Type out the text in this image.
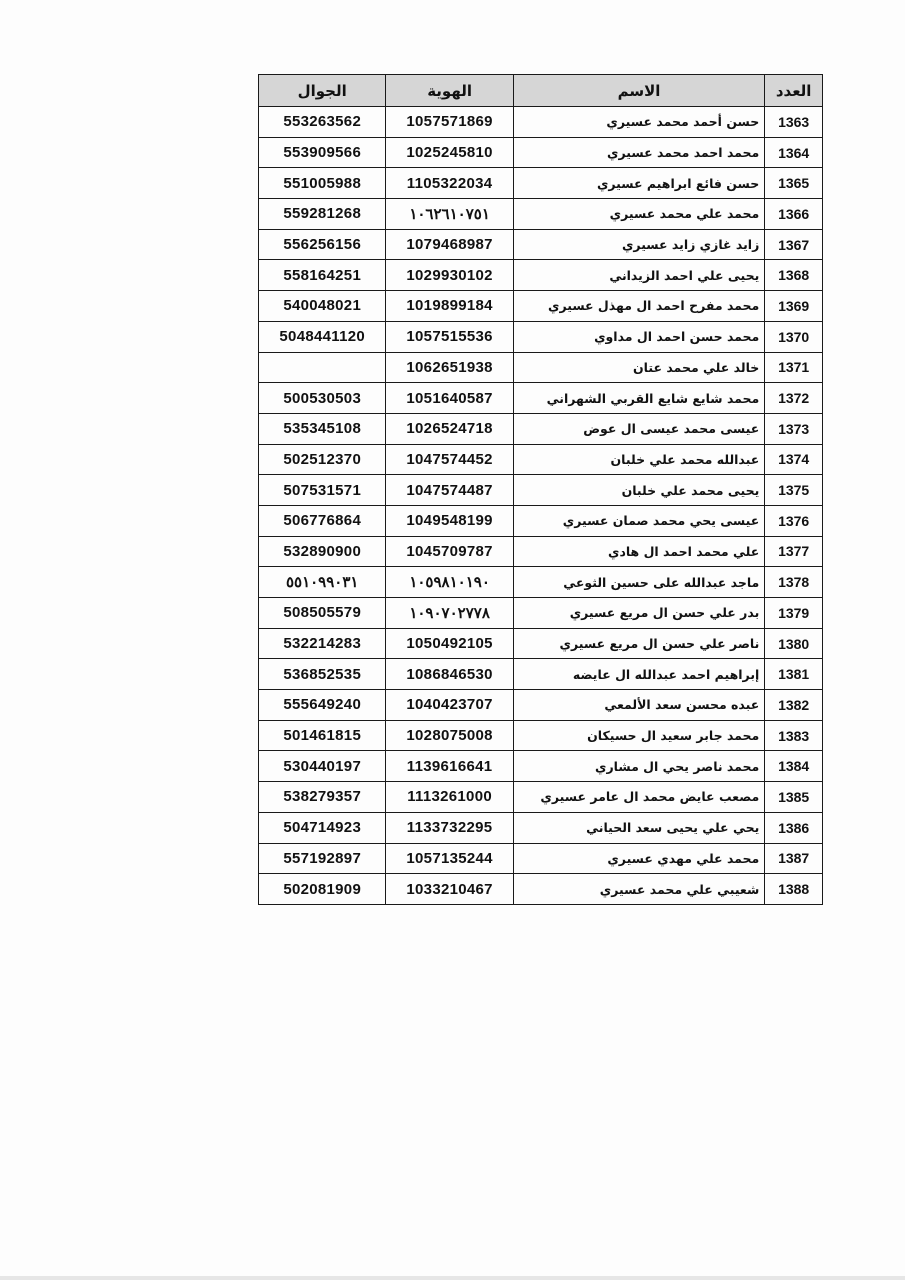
العدد	الاسم	الهوية	الجوال
1363	حسن أحمد محمد عسيري	1057571869	553263562
1364	محمد احمد محمد عسيري	1025245810	553909566
1365	حسن فائع ابراهيم عسيري	1105322034	551005988
1366	محمد علي محمد عسيري	١٠٦٢٦١٠٧٥١	559281268
1367	زايد غازي زايد عسيري	1079468987	556256156
1368	يحيى علي احمد الزيداني	1029930102	558164251
1369	محمد مفرح احمد ال مهذل عسيري	1019899184	540048021
1370	محمد حسن احمد ال مداوي	1057515536	5048441120
1371	خالد علي محمد عتان	1062651938	
1372	محمد شايع شايع القربي الشهراني	1051640587	500530503
1373	عيسى محمد عيسى ال عوض	1026524718	535345108
1374	عبدالله محمد علي خلبان	1047574452	502512370
1375	يحيى محمد علي خلبان	1047574487	507531571
1376	عيسى يحي محمد صمان عسيري	1049548199	506776864
1377	علي محمد احمد ال هادي	1045709787	532890900
1378	ماجد عبدالله على حسين الثوعي	١٠٥٩٨١٠١٩٠	٥٥١٠٩٩٠٣١
1379	بدر علي حسن ال مريع عسيري	١٠٩٠٧٠٢٧٧٨	508505579
1380	ناصر علي حسن ال مريع عسيري	1050492105	532214283
1381	إبراهيم احمد عبدالله ال عايضه	1086846530	536852535
1382	عبده محسن سعد الألمعي	1040423707	555649240
1383	محمد جابر سعيد ال حسيكان	1028075008	501461815
1384	محمد ناصر يحي ال مشاري	1139616641	530440197
1385	مصعب عايض محمد ال عامر عسيري	1113261000	538279357
1386	يحي علي يحيى سعد الحياني	1133732295	504714923
1387	محمد علي مهدي عسيري	1057135244	557192897
1388	شعيبي علي محمد عسيري	1033210467	502081909
